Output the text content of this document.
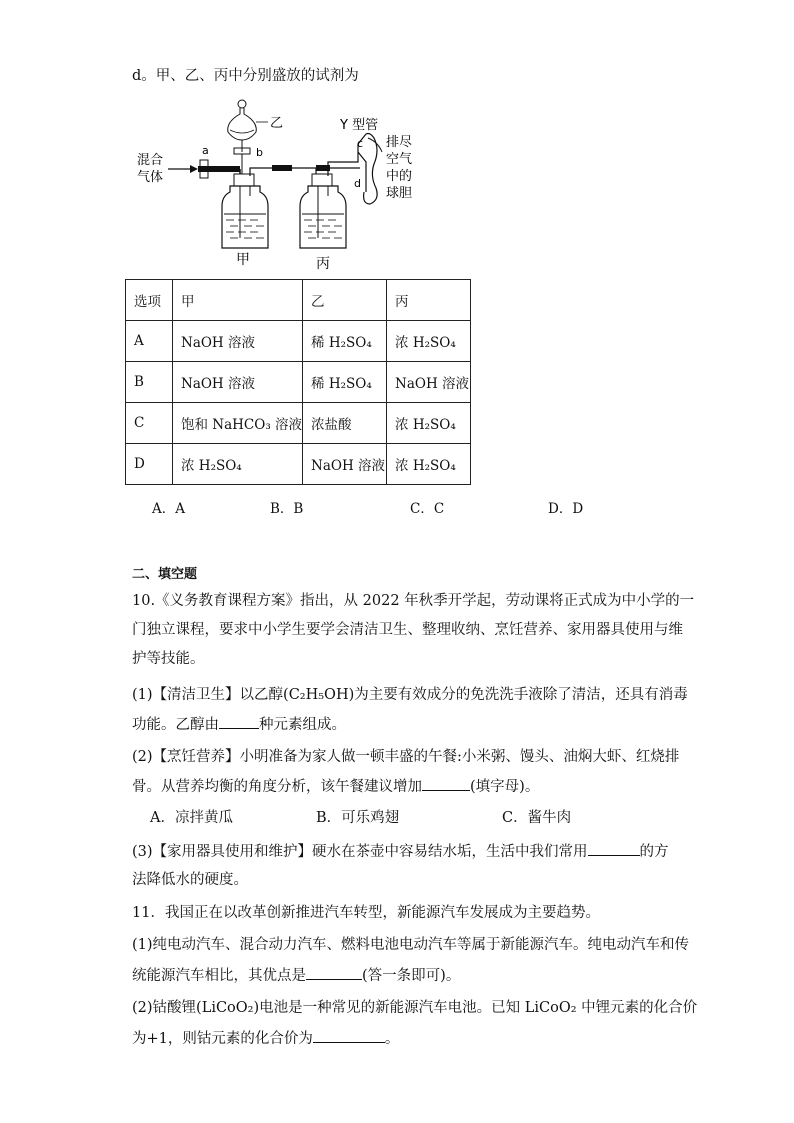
d。甲、乙、丙中分别盛放的试剂为
混合
气体
a
乙
b
甲	丙
Y 型管
c
d
排尽
空气
中的
球胆
选项	甲	乙	丙
A	NaOH 溶液	稀 H₂SO₄	浓 H₂SO₄
B	NaOH 溶液	稀 H₂SO₄	NaOH 溶液
C	饱和 NaHCO₃ 溶液	浓盐酸	浓 H₂SO₄
D	浓 H₂SO₄	NaOH 溶液	浓 H₂SO₄
A．A	B．B	C．C	D．D
二、填空题
10.《义务教育课程方案》指出，从 2022 年秋季开学起，劳动课将正式成为中小学的一
门独立课程，要求中小学生要学会清洁卫生、整理收纳、烹饪营养、家用器具使用与维
护等技能。
(1)【清洁卫生】以乙醇(C₂H₅OH)为主要有效成分的免洗洗手液除了清洁，还具有消毒
功能。乙醇由	种元素组成。
(2)【烹饪营养】小明准备为家人做一顿丰盛的午餐:小米粥、馒头、油焖大虾、红烧排
骨。从营养均衡的角度分析，该午餐建议增加	(填字母)。
A．凉拌黄瓜	B．可乐鸡翅	C．酱牛肉
(3)【家用器具使用和维护】硬水在茶壶中容易结水垢，生活中我们常用	的方
法降低水的硬度。
11．我国正在以改革创新推进汽车转型，新能源汽车发展成为主要趋势。
(1)纯电动汽车、混合动力汽车、燃料电池电动汽车等属于新能源汽车。纯电动汽车和传
统能源汽车相比，其优点是	(答一条即可)。
(2)钴酸锂(LiCoO₂)电池是一种常见的新能源汽车电池。已知 LiCoO₂ 中锂元素的化合价
为+1，则钴元素的化合价为	。
